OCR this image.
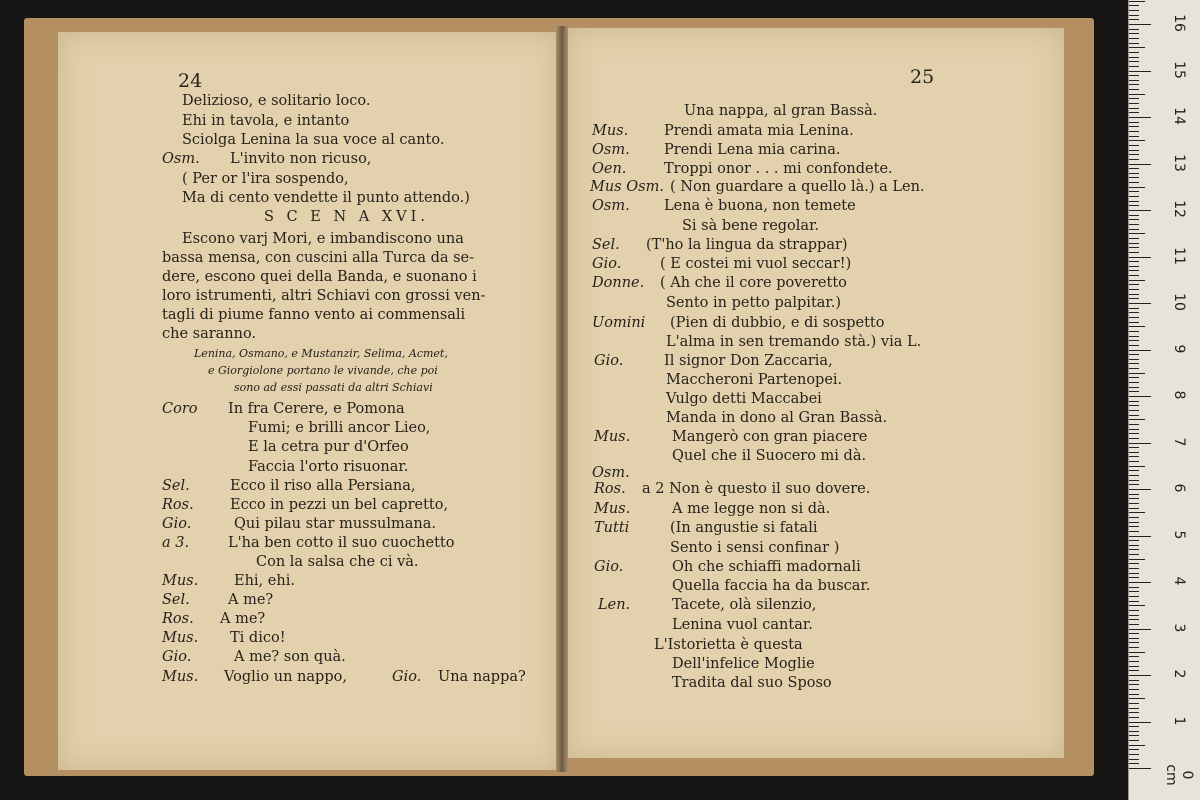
24
Delizioso, e solitario loco.
Ehi in tavola, e intanto
Sciolga Lenina la sua voce al canto.
Osm. L'invito non ricuso,
( Per or l'ira sospendo,
Ma di cento vendette il punto attendo.)
S C E N A XVI.
Escono varj Mori, e imbandiscono una
bassa mensa, con cuscini alla Turca da se-
dere, escono quei della Banda, e suonano i
loro istrumenti, altri Schiavi con grossi ven-
tagli di piume fanno vento ai commensali
che saranno.
Lenina, Osmano, e Mustanzir, Selima, Acmet,
e Giorgiolone portano le vivande, che poi
sono ad essi passati da altri Schiavi
Coro In fra Cerere, e Pomona
Fumi; e brilli ancor Lieo,
E la cetra pur d'Orfeo
Faccia l'orto risuonar.
Sel.	Ecco il riso alla Persiana,
Ros.	Ecco in pezzi un bel capretto,
Gio.	Qui pilau star mussulmana.
a 3.	L'ha ben cotto il suo cuochetto
Con la salsa che ci và.
Mus. Ehi, ehi.
Sel.	A me?
Ros. A me?
Mus. Ti dico!
Gio.	A me? son quà.
Mus. Voglio un nappo,	Gio. Una nappa?
25
Una nappa, al gran Bassà.
Mus. Prendi amata mia Lenina.
Osm. Prendi Lena mia carina.
Oen.	Troppi onor . . . mi confondete.
Mus Osm. ( Non guardare a quello là.) a Len.
Osm. Lena è buona, non temete
Si sà bene regolar.
Sel. (T'ho la lingua da strappar)
Gio.	( E costei mi vuol seccar!)
Donne. ( Ah che il core poveretto
Sento in petto palpitar.)
Uomini (Pien di dubbio, e di sospetto
L'alma in sen tremando stà.) via L.
Gio.	Il signor Don Zaccaria,
Maccheroni Partenopei.
Vulgo detti Maccabei
Manda in dono al Gran Bassà.
Mus.	Mangerò con gran piacere
Quel che il Suocero mi dà.
Osm.
Ros. a 2 Non è questo il suo dovere.
Mus.	A me legge non si dà.
Tutti	(In angustie si fatali
Sento i sensi confinar )
Gio.	Oh che schiaffi madornali
Quella faccia ha da buscar.
Len.	Tacete, olà silenzio,
Lenina vuol cantar.
L'Istorietta è questa
Dell'infelice Moglie
Tradita dal suo Sposo
0 cm
1
2
3
4
5
6
7
8
9
10
11
12
13
14
15
16
